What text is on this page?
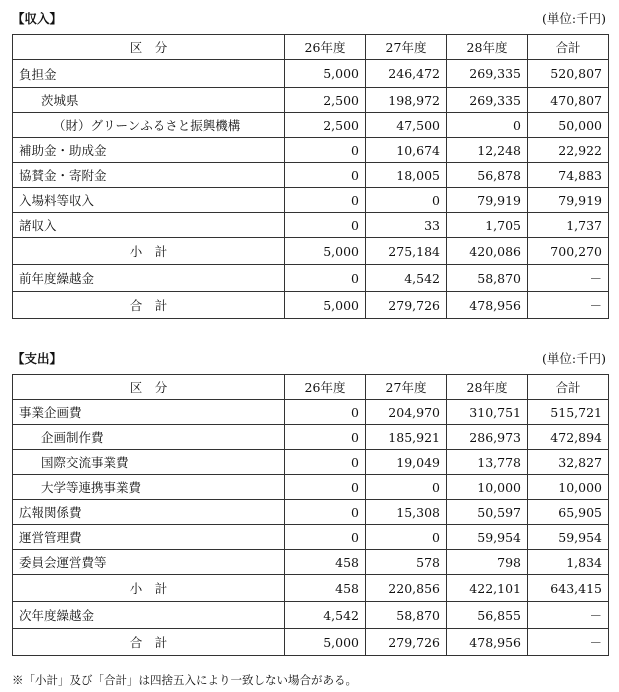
【収入】	(単位:千円)
区　分	26年度	27年度	28年度	合計
負担金	5,000	246,472	269,335	520,807
茨城県	2,500	198,972	269,335	470,807
（財）グリーンふるさと振興機構	2,500	47,500	0	50,000
補助金・助成金	0	10,674	12,248	22,922
協賛金・寄附金	0	18,005	56,878	74,883
入場料等収入	0	0	79,919	79,919
諸収入	0	33	1,705	1,737
小　計	5,000	275,184	420,086	700,270
前年度繰越金	0	4,542	58,870	－
合　計	5,000	279,726	478,956	－
【支出】	(単位:千円)
区　分	26年度	27年度	28年度	合計
事業企画費	0	204,970	310,751	515,721
企画制作費	0	185,921	286,973	472,894
国際交流事業費	0	19,049	13,778	32,827
大学等連携事業費	0	0	10,000	10,000
広報関係費	0	15,308	50,597	65,905
運営管理費	0	0	59,954	59,954
委員会運営費等	458	578	798	1,834
小　計	458	220,856	422,101	643,415
次年度繰越金	4,542	58,870	56,855	－
合　計	5,000	279,726	478,956	－
※「小計」及び「合計」は四捨五入により一致しない場合がある。
